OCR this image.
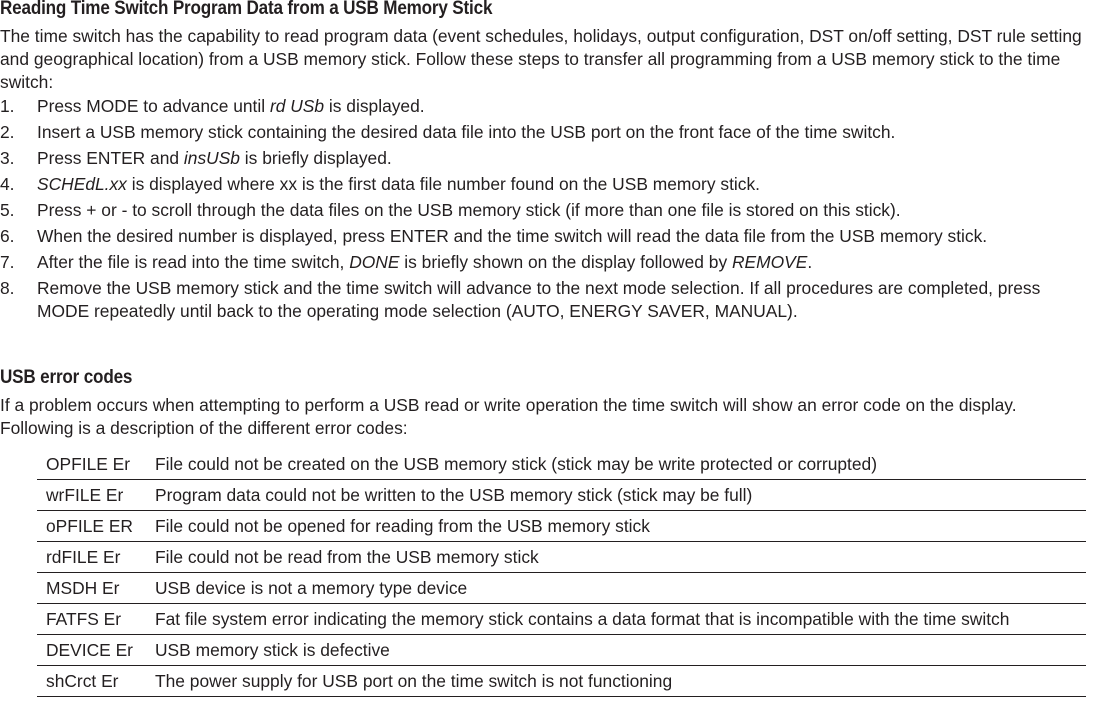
Reading Time Switch Program Data from a USB Memory Stick

The time switch has the capability to read program data (event schedules, holidays, output configuration, DST on/off setting, DST rule setting and geographical location) from a USB memory stick. Follow these steps to transfer all programming from a USB memory stick to the time switch:

1. Press MODE to advance until rd USb is displayed.
2. Insert a USB memory stick containing the desired data file into the USB port on the front face of the time switch.
3. Press ENTER and insUSb is briefly displayed.
4. SCHEdL.xx is displayed where xx is the first data file number found on the USB memory stick.
5. Press + or - to scroll through the data files on the USB memory stick (if more than one file is stored on this stick).
6. When the desired number is displayed, press ENTER and the time switch will read the data file from the USB memory stick.
7. After the file is read into the time switch, DONE is briefly shown on the display followed by REMOVE.
8. Remove the USB memory stick and the time switch will advance to the next mode selection. If all procedures are completed, press MODE repeatedly until back to the operating mode selection (AUTO, ENERGY SAVER, MANUAL).
USB error codes

If a problem occurs when attempting to perform a USB read or write operation the time switch will show an error code on the display. Following is a description of the different error codes:

OPFILE Er	File could not be created on the USB memory stick (stick may be write protected or corrupted)
wrFILE Er	Program data could not be written to the USB memory stick (stick may be full)
oPFILE ER	File could not be opened for reading from the USB memory stick
rdFILE Er	File could not be read from the USB memory stick
MSDH Er	USB device is not a memory type device
FATFS Er	Fat file system error indicating the memory stick contains a data format that is incompatible with the time switch
DEVICE Er	USB memory stick is defective
shCrct Er	The power supply for USB port on the time switch is not functioning
